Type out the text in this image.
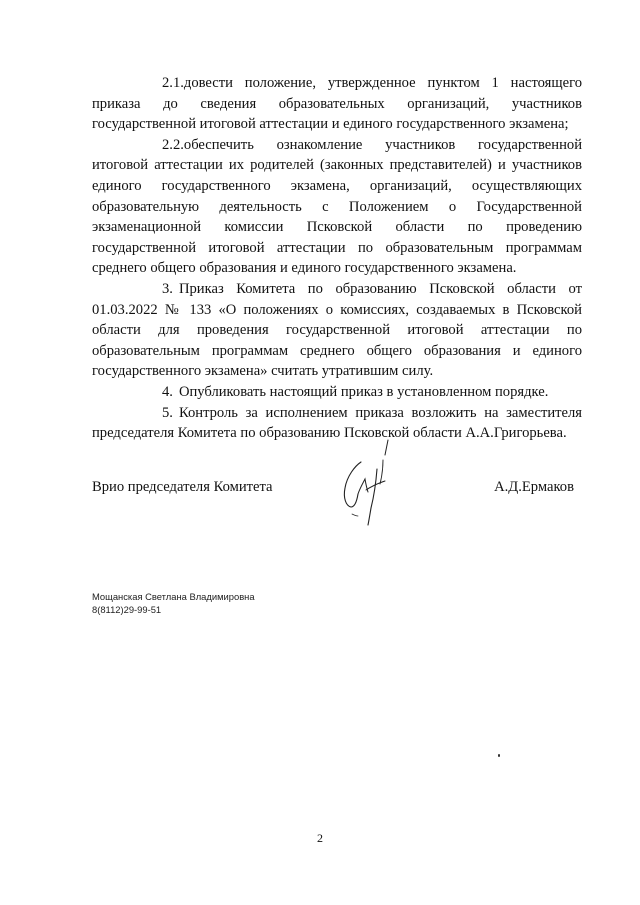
2.1.довести положение, утвержденное пунктом 1 настоящего приказа до сведения образовательных организаций, участников государственной итоговой аттестации и единого государственного экзамена;

2.2.обеспечить ознакомление участников государственной итоговой аттестации их родителей (законных представителей) и участников единого государственного экзамена, организаций, осуществляющих образовательную деятельность с Положением о Государственной экзаменационной комиссии Псковской области по проведению государственной итоговой аттестации по образовательным программам среднего общего образования и единого государственного экзамена.

3. Приказ Комитета по образованию Псковской области от 01.03.2022 № 133 «О положениях о комиссиях, создаваемых в Псковской области для проведения государственной итоговой аттестации по образовательным программам среднего общего образования и единого государственного экзамена» считать утратившим силу.

4. Опубликовать настоящий приказ в установленном порядке.

5. Контроль за исполнением приказа возложить на заместителя председателя Комитета по образованию Псковской области А.А.Григорьева.

Врио председателя Комитета	А.Д.Ермаков
Мощанская Светлана Владимировна
8(8112)29-99-51
2
